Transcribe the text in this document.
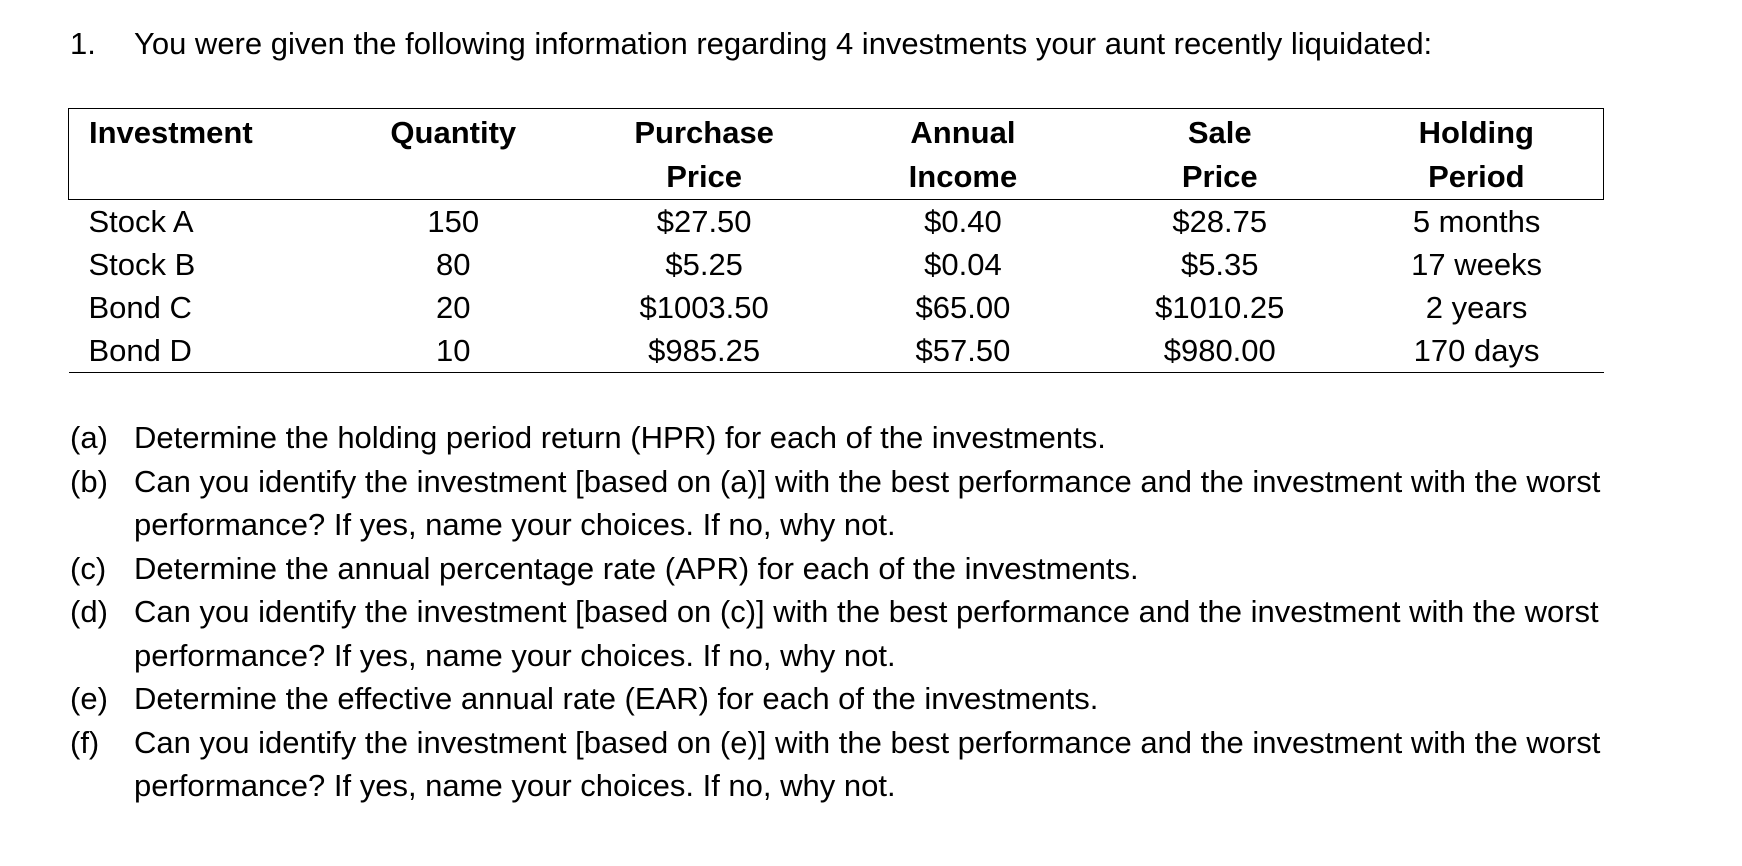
1. You were given the following information regarding 4 investments your aunt recently liquidated:
Investment	Quantity	Purchase	Annual	Sale	Holding
		Price	Income	Price	Period
Stock A	150	$27.50	$0.40	$28.75	5 months
Stock B	80	$5.25	$0.04	$5.35	17 weeks
Bond C	20	$1003.50	$65.00	$1010.25	2 years
Bond D	10	$985.25	$57.50	$980.00	170 days
(a) Determine the holding period return (HPR) for each of the investments.
(b) Can you identify the investment [based on (a)] with the best performance and the investment with the worst performance? If yes, name your choices. If no, why not.
(c) Determine the annual percentage rate (APR) for each of the investments.
(d) Can you identify the investment [based on (c)] with the best performance and the investment with the worst performance? If yes, name your choices. If no, why not.
(e) Determine the effective annual rate (EAR) for each of the investments.
(f)	Can you identify the investment [based on (e)] with the best performance and the investment with the worst performance? If yes, name your choices. If no, why not.
